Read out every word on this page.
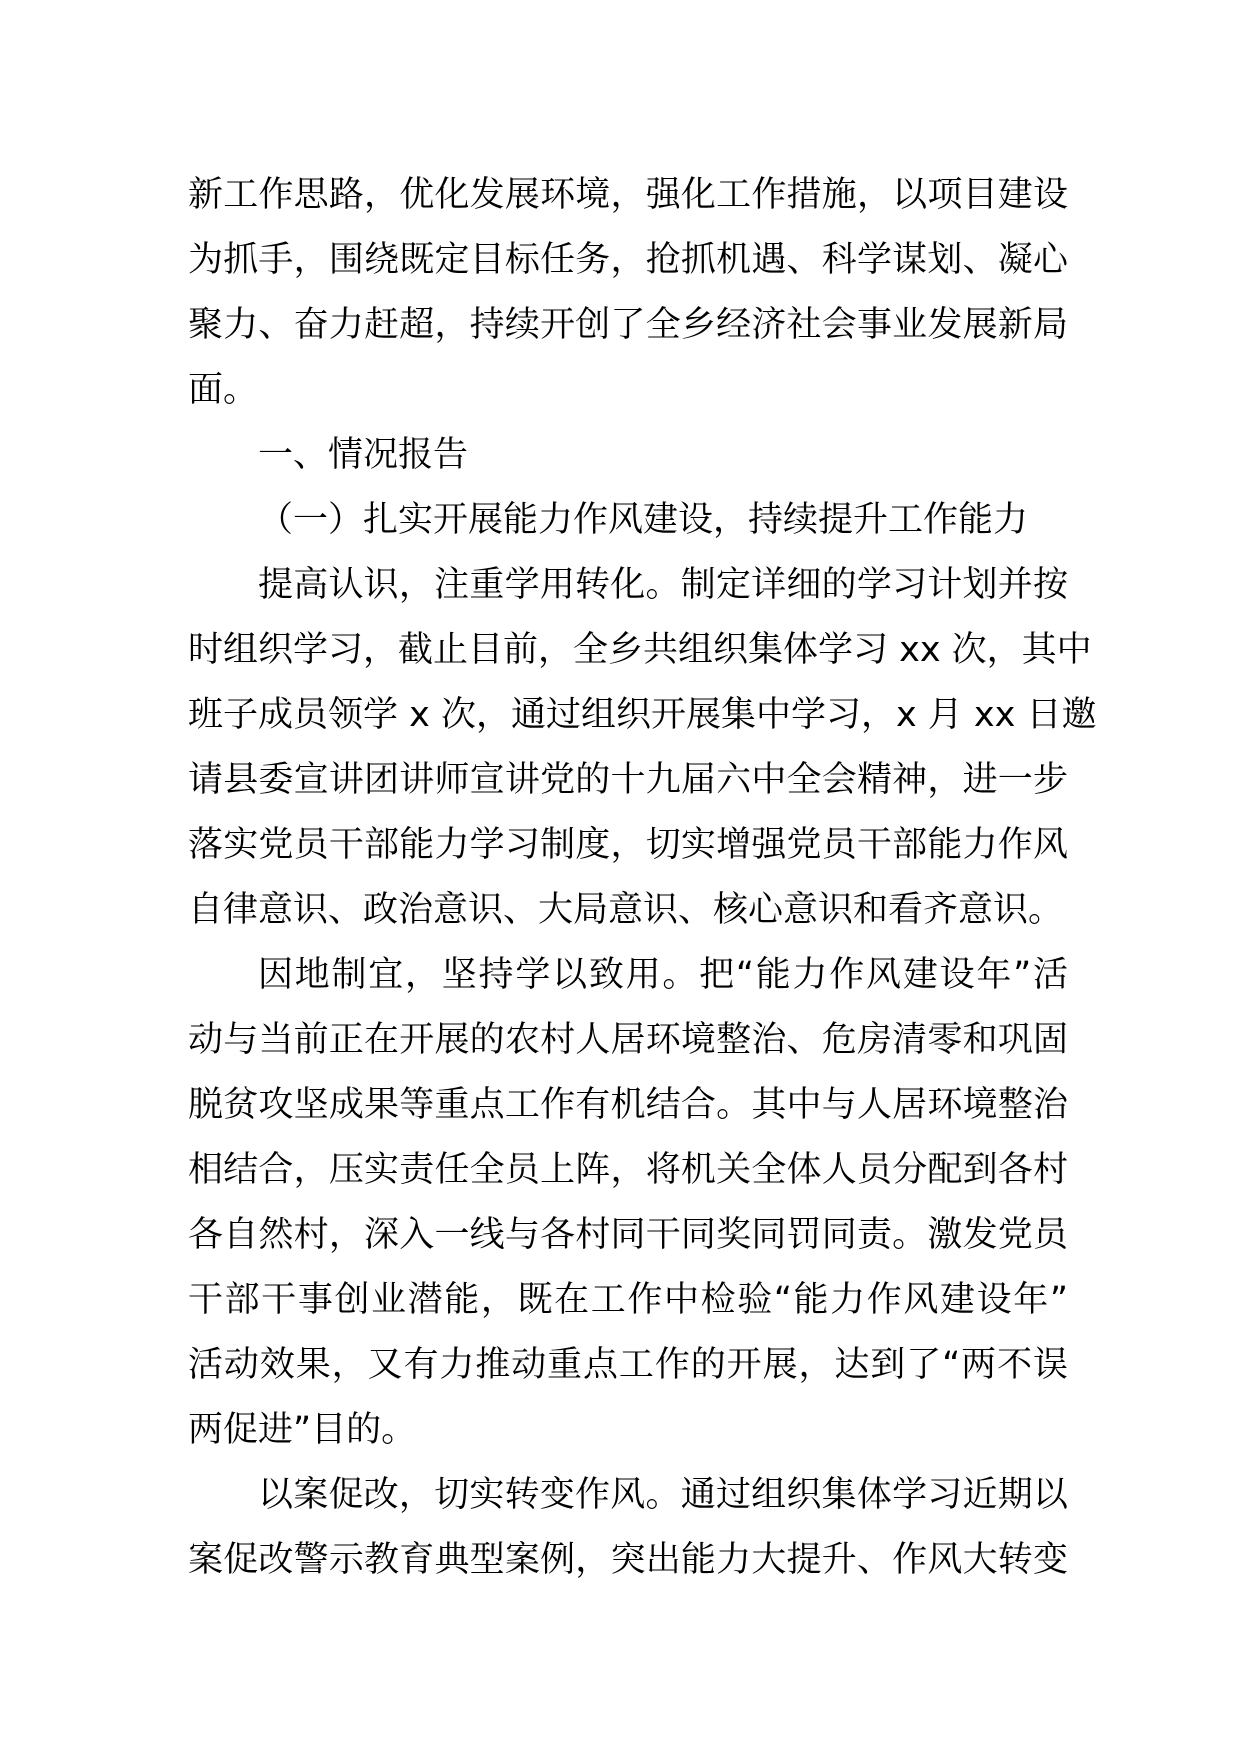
新工作思路，优化发展环境，强化工作措施，以项目建设
为抓手，围绕既定目标任务，抢抓机遇、科学谋划、凝心
聚力、奋力赶超，持续开创了全乡经济社会事业发展新局
面。
一、情况报告
（一）扎实开展能力作风建设，持续提升工作能力
提高认识，注重学用转化。制定详细的学习计划并按
时组织学习，截止目前，全乡共组织集体学习 xx 次，其中
班子成员领学 x 次，通过组织开展集中学习，x 月 xx 日邀
请县委宣讲团讲师宣讲党的十九届六中全会精神，进一步
落实党员干部能力学习制度，切实增强党员干部能力作风
自律意识、政治意识、大局意识、核心意识和看齐意识。
因地制宜，坚持学以致用。把“能力作风建设年”活
动与当前正在开展的农村人居环境整治、危房清零和巩固
脱贫攻坚成果等重点工作有机结合。其中与人居环境整治
相结合，压实责任全员上阵，将机关全体人员分配到各村
各自然村，深入一线与各村同干同奖同罚同责。激发党员
干部干事创业潜能，既在工作中检验“能力作风建设年”
活动效果，又有力推动重点工作的开展，达到了“两不误
两促进”目的。
以案促改，切实转变作风。通过组织集体学习近期以
案促改警示教育典型案例，突出能力大提升、作风大转变
